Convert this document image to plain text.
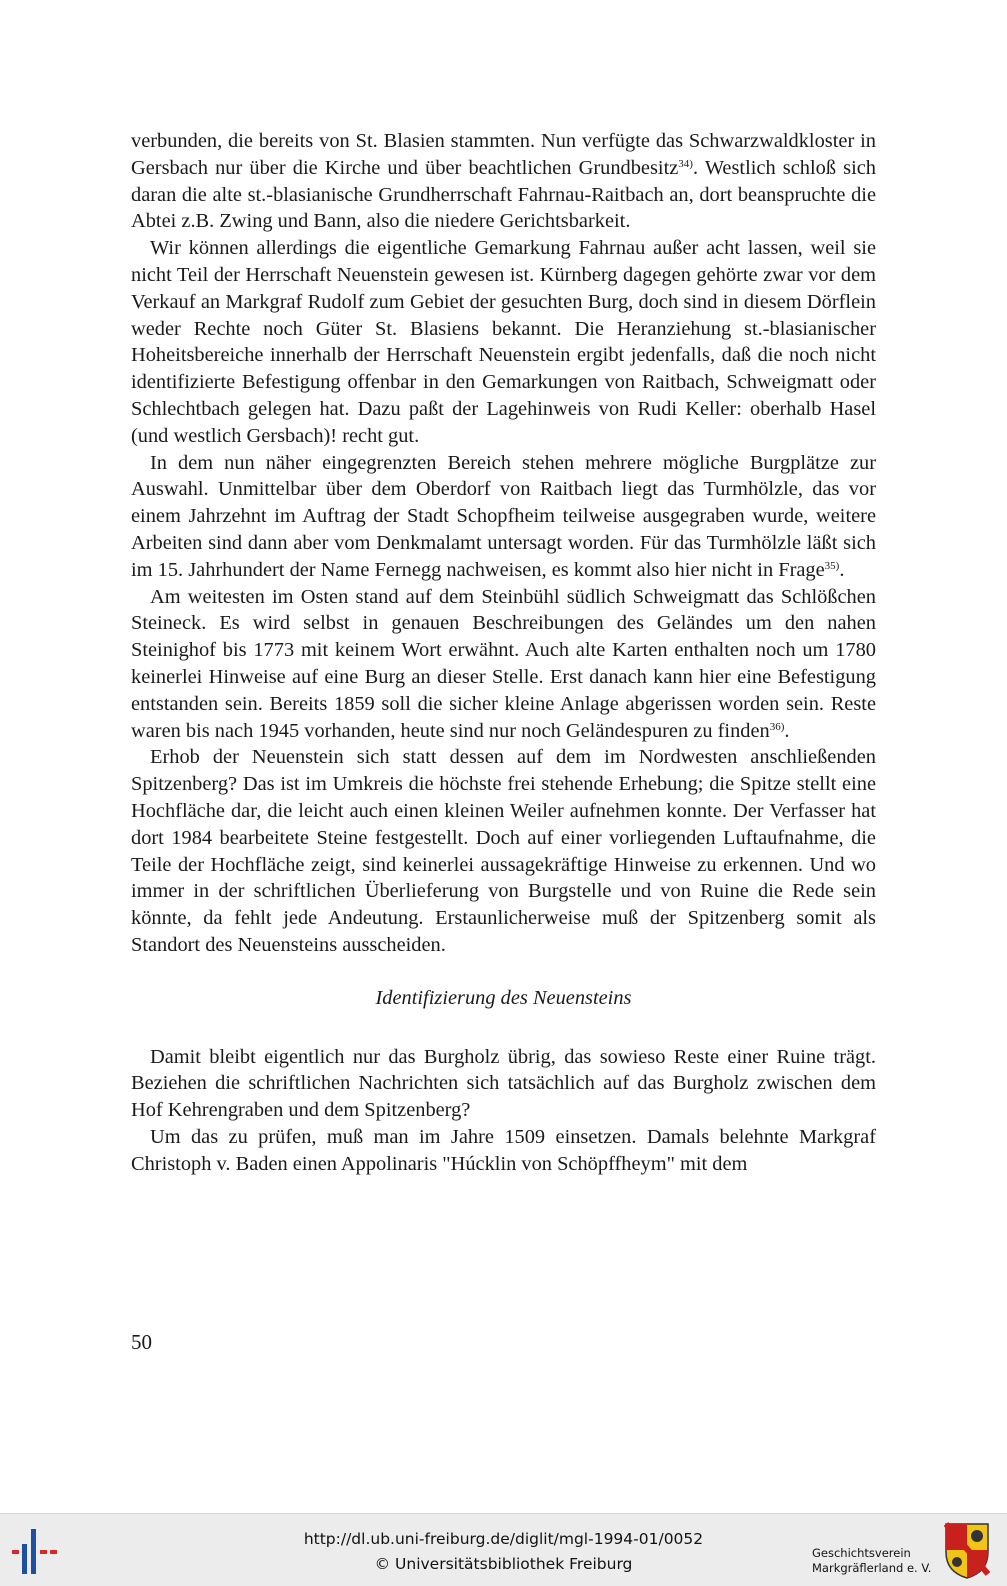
verbunden, die bereits von St. Blasien stammten. Nun verfügte das Schwarzwaldkloster in Gersbach nur über die Kirche und über beachtlichen Grundbesitz$^{34)}$. Westlich schloß sich daran die alte st.-blasianische Grundherrschaft Fahrnau-Raitbach an, dort beanspruchte die Abtei z.B. Zwing und Bann, also die niedere Gerichtsbarkeit.

Wir können allerdings die eigentliche Gemarkung Fahrnau außer acht lassen, weil sie nicht Teil der Herrschaft Neuenstein gewesen ist. Kürnberg dagegen gehörte zwar vor dem Verkauf an Markgraf Rudolf zum Gebiet der gesuchten Burg, doch sind in diesem Dörflein weder Rechte noch Güter St. Blasiens bekannt. Die Heranziehung st.-blasianischer Hoheitsbereiche innerhalb der Herrschaft Neuenstein ergibt jedenfalls, daß die noch nicht identifizierte Befestigung offenbar in den Gemarkungen von Raitbach, Schweigmatt oder Schlechtbach gelegen hat. Dazu paßt der Lagehinweis von Rudi Keller: oberhalb Hasel (und westlich Gersbach)! recht gut.

In dem nun näher eingegrenzten Bereich stehen mehrere mögliche Burgplätze zur Auswahl. Unmittelbar über dem Oberdorf von Raitbach liegt das Turmhölzle, das vor einem Jahrzehnt im Auftrag der Stadt Schopfheim teilweise ausgegraben wurde, weitere Arbeiten sind dann aber vom Denkmalamt untersagt worden. Für das Turmhölzle läßt sich im 15. Jahrhundert der Name Fernegg nachweisen, es kommt also hier nicht in Frage$^{35)}$.

Am weitesten im Osten stand auf dem Steinbühl südlich Schweigmatt das Schlößchen Steineck. Es wird selbst in genauen Beschreibungen des Geländes um den nahen Steinighof bis 1773 mit keinem Wort erwähnt. Auch alte Karten enthalten noch um 1780 keinerlei Hinweise auf eine Burg an dieser Stelle. Erst danach kann hier eine Befestigung entstanden sein. Bereits 1859 soll die sicher kleine Anlage abgerissen worden sein. Reste waren bis nach 1945 vorhanden, heute sind nur noch Geländespuren zu finden$^{36)}$.

Erhob der Neuenstein sich statt dessen auf dem im Nordwesten anschließenden Spitzenberg? Das ist im Umkreis die höchste frei stehende Erhebung; die Spitze stellt eine Hochfläche dar, die leicht auch einen kleinen Weiler aufnehmen konnte. Der Verfasser hat dort 1984 bearbeitete Steine festgestellt. Doch auf einer vorliegenden Luftaufnahme, die Teile der Hochfläche zeigt, sind keinerlei aussagekräftige Hinweise zu erkennen. Und wo immer in der schriftlichen Überlieferung von Burgstelle und von Ruine die Rede sein könnte, da fehlt jede Andeutung. Erstaunlicherweise muß der Spitzenberg somit als Standort des Neuensteins ausscheiden.

Identifizierung des Neuensteins

Damit bleibt eigentlich nur das Burgholz übrig, das sowieso Reste einer Ruine trägt. Beziehen die schriftlichen Nachrichten sich tatsächlich auf das Burgholz zwischen dem Hof Kehrengraben und dem Spitzenberg?

Um das zu prüfen, muß man im Jahre 1509 einsetzen. Damals belehnte Markgraf Christoph v. Baden einen Appolinaris "Húcklin von Schöpffheym" mit dem

50
http://dl.ub.uni-freiburg.de/diglit/mgl-1994-01/0052
© Universitätsbibliothek Freiburg
Geschichtsverein
Markgräflerland e. V.
